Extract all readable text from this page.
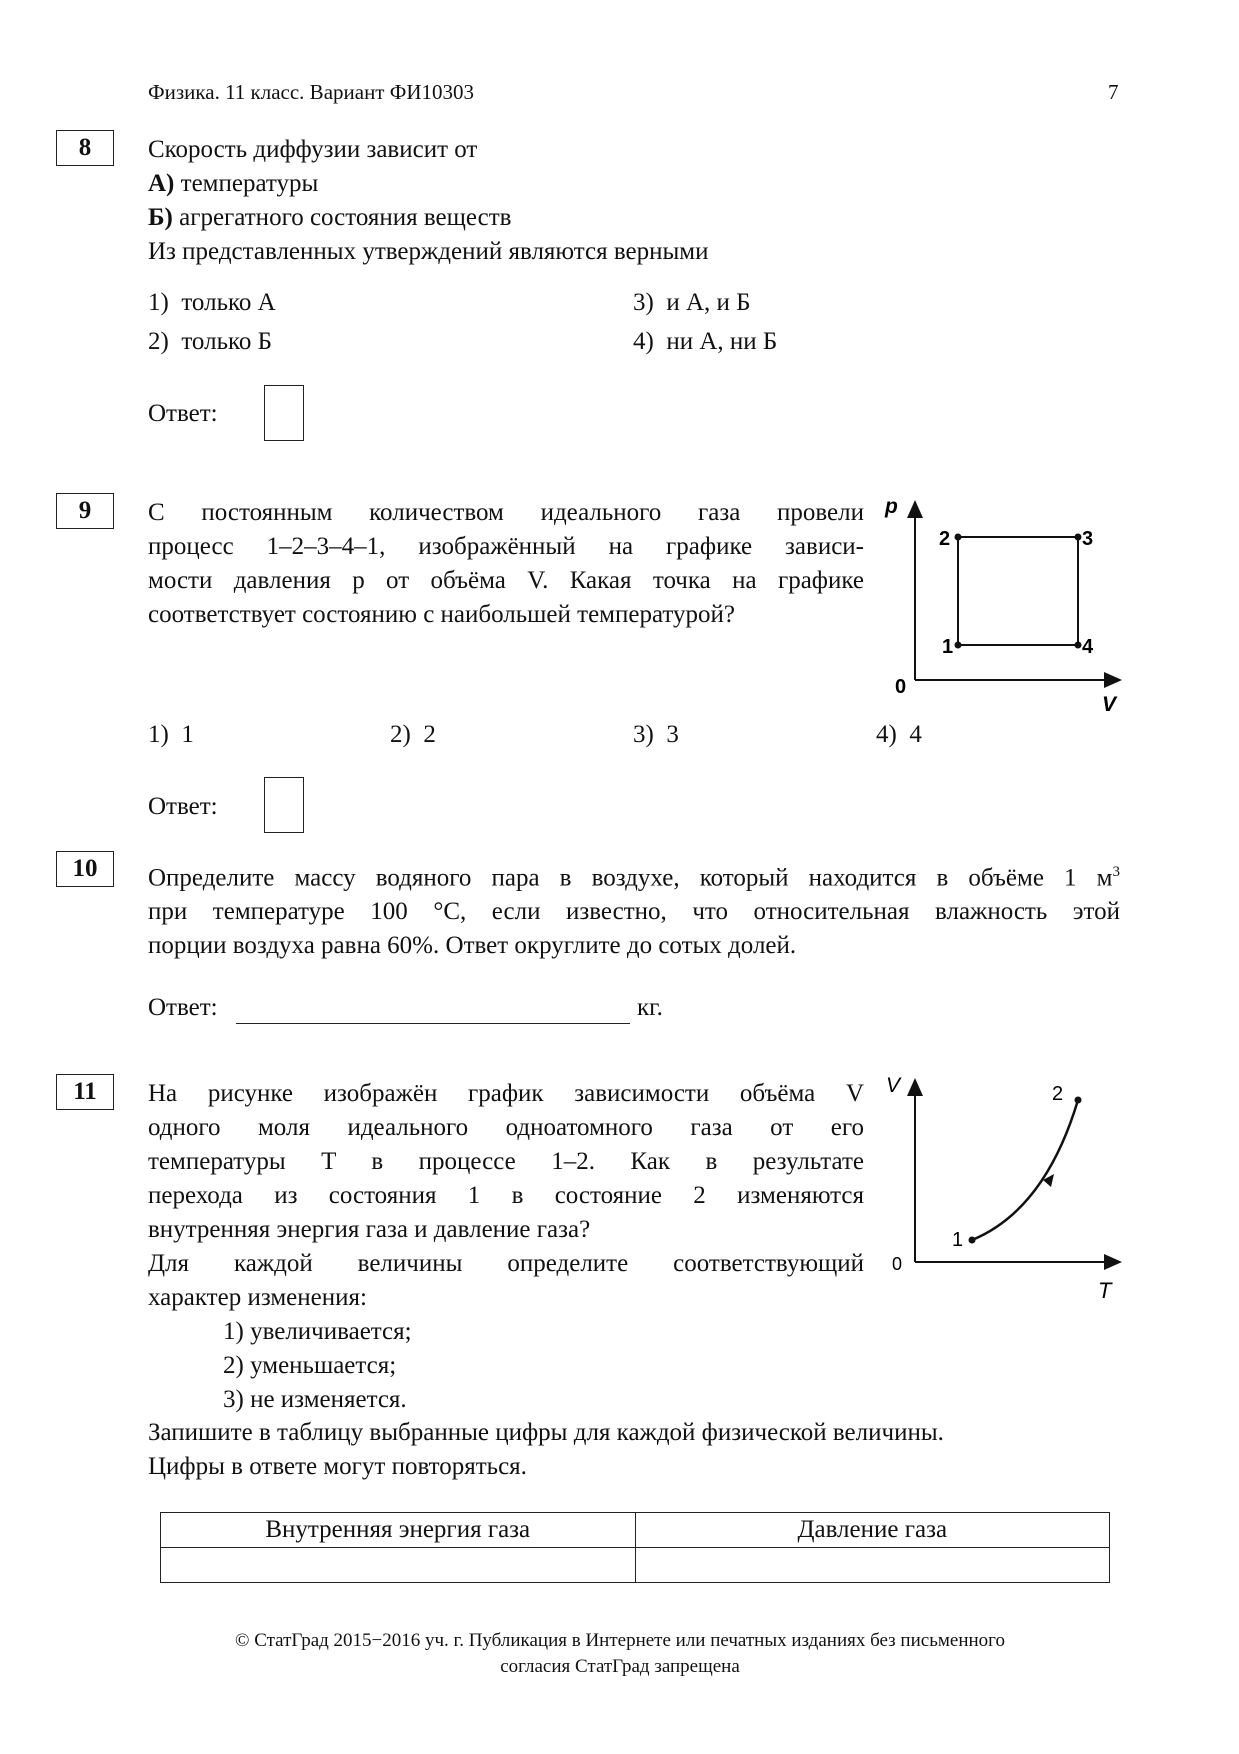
Физика. 11 класс. Вариант ФИ10303	7
8	Скорость диффузии зависит от
А) температуры
Б) агрегатного состояния веществ
Из представленных утверждений являются верными
1)  только А
2)  только Б
3)  и А, и Б
4)  ни А, ни Б
Ответ:
9	С постоянным количеством идеального газа провели
процесс 1–2–3–4–1, изображённый на графике зависи-
мости давления p от объёма V. Какая точка на графике
соответствует состоянию с наибольшей температурой?
p
V
0
1
2	3
4
1)  1	2)  2	3)  3	4)  4
Ответ:
10	Определите массу водяного пара в воздухе, который находится в объёме 1 $м^3$
при температуре 100 °С, если известно, что относительная влажность этой
порции воздуха равна 60%. Ответ округлите до сотых долей.
Ответ:	кг.
11	На рисунке изображён график зависимости объёма V
одного моля идеального одноатомного газа от его
температуры T в процессе 1–2. Как в результате
перехода из состояния 1 в состояние 2 изменяются
внутренняя энергия газа и давление газа?
Для каждой величины определите соответствующий
характер изменения:
1) увеличивается;
2) уменьшается;
3) не изменяется.
Запишите в таблицу выбранные цифры для каждой физической величины.
Цифры в ответе могут повторяться.
V
T
0
1
2
Внутренняя энергия газа	Давление газа

© СтатГрад 2015−2016 уч. г. Публикация в Интернете или печатных изданиях без письменного
согласия СтатГрад запрещена
